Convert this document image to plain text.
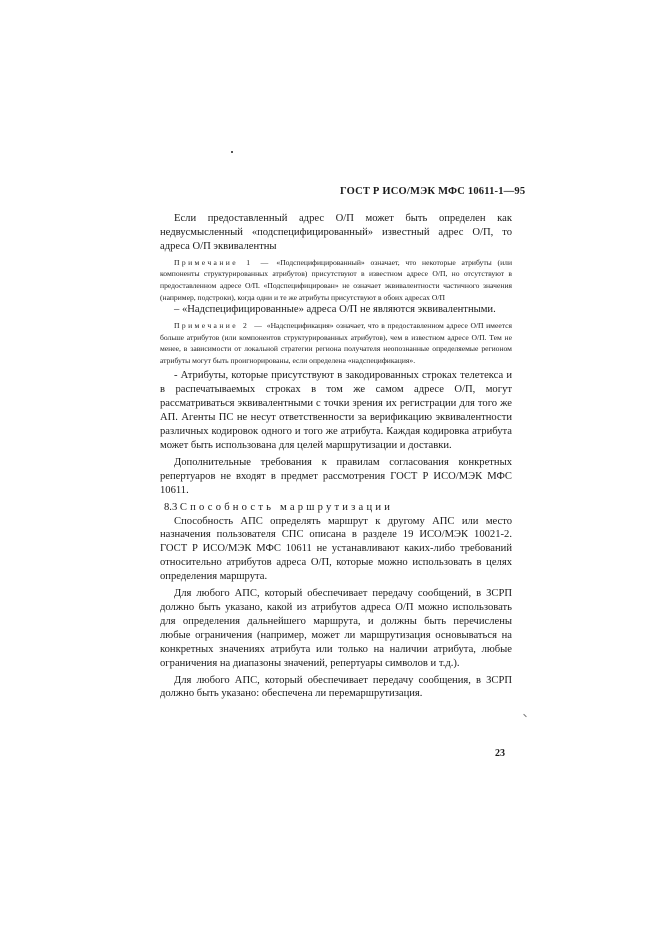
ГОСТ Р ИСО/МЭК МФС 10611-1—95

Если предоставленный адрес О/П может быть определен как недвусмысленный «подспецифицированный» известный адрес О/П, то адреса О/П эквивалентны

Примечание 1 — «Подспецифицированный» означает, что некоторые атрибуты (или компоненты структурированных атрибутов) присутствуют в известном адресе О/П, но отсутствуют в предоставленном адресе О/П. «Подспецифицирован» не означает эквивалентности частичного значения (например, подстроки), когда одни и те же атрибуты присутствуют в обоих адресах О/П

– «Надспецифицированные» адреса О/П не являются эквивалентными.

Примечание 2 — «Надспецификация» означает, что в предоставленном адресе О/П имеется больше атрибутов (или компонентов структурированных атрибутов), чем в известном адресе О/П. Тем не менее, в зависимости от локальной стратегии региона получателя неопознанные определяемые регионом атрибуты могут быть проигнорированы, если определена «надспецификация».

- Атрибуты, которые присутствуют в закодированных строках телетекса и в распечатываемых строках в том же самом адресе О/П, могут рассматриваться эквивалентными с точки зрения их регистрации для того же АП. Агенты ПС не несут ответственности за верификацию эквивалентности различных кодировок одного и того же атрибута. Каждая кодировка атрибута может быть использована для целей маршрутизации и доставки.

Дополнительные требования к правилам согласования конкретных репертуаров не входят в предмет рассмотрения ГОСТ Р ИСО/МЭК МФС 10611.

8.3 Способность маршрутизации

Способность АПС определять маршрут к другому АПС или место назначения пользователя СПС описана в разделе 19 ИСО/МЭК 10021-2. ГОСТ Р ИСО/МЭК МФС 10611 не устанавливают каких-либо требований относительно атрибутов адреса О/П, которые можно использовать в целях определения маршрута.

Для любого АПС, который обеспечивает передачу сообщений, в ЗСРП должно быть указано, какой из атрибутов адреса О/П можно использовать для определения дальнейшего маршрута, и должны быть перечислены любые ограничения (например, может ли маршрутизация основываться на конкретных значениях атрибута или только на наличии атрибута, любые ограничения на диапазоны значений, репертуары символов и т.д.).

Для любого АПС, который обеспечивает передачу сообщения, в ЗСРП должно быть указано: обеспечена ли перемаршрутизация.

23
